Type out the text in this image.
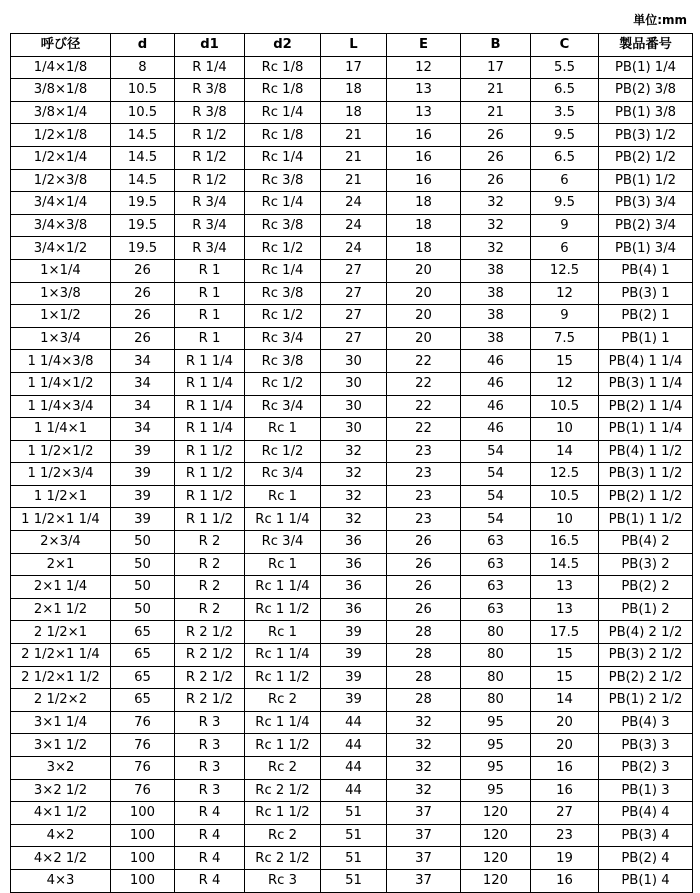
単位:mm
呼び径	d	d1	d2	L	E	B	C	製品番号
1/4×1/8	8	R 1/4	Rc 1/8	17	12	17	5.5	PB(1) 1/4
3/8×1/8	10.5	R 3/8	Rc 1/8	18	13	21	6.5	PB(2) 3/8
3/8×1/4	10.5	R 3/8	Rc 1/4	18	13	21	3.5	PB(1) 3/8
1/2×1/8	14.5	R 1/2	Rc 1/8	21	16	26	9.5	PB(3) 1/2
1/2×1/4	14.5	R 1/2	Rc 1/4	21	16	26	6.5	PB(2) 1/2
1/2×3/8	14.5	R 1/2	Rc 3/8	21	16	26	6	PB(1) 1/2
3/4×1/4	19.5	R 3/4	Rc 1/4	24	18	32	9.5	PB(3) 3/4
3/4×3/8	19.5	R 3/4	Rc 3/8	24	18	32	9	PB(2) 3/4
3/4×1/2	19.5	R 3/4	Rc 1/2	24	18	32	6	PB(1) 3/4
1×1/4	26	R 1	Rc 1/4	27	20	38	12.5	PB(4) 1
1×3/8	26	R 1	Rc 3/8	27	20	38	12	PB(3) 1
1×1/2	26	R 1	Rc 1/2	27	20	38	9	PB(2) 1
1×3/4	26	R 1	Rc 3/4	27	20	38	7.5	PB(1) 1
1 1/4×3/8	34	R 1 1/4	Rc 3/8	30	22	46	15	PB(4) 1 1/4
1 1/4×1/2	34	R 1 1/4	Rc 1/2	30	22	46	12	PB(3) 1 1/4
1 1/4×3/4	34	R 1 1/4	Rc 3/4	30	22	46	10.5	PB(2) 1 1/4
1 1/4×1	34	R 1 1/4	Rc 1	30	22	46	10	PB(1) 1 1/4
1 1/2×1/2	39	R 1 1/2	Rc 1/2	32	23	54	14	PB(4) 1 1/2
1 1/2×3/4	39	R 1 1/2	Rc 3/4	32	23	54	12.5	PB(3) 1 1/2
1 1/2×1	39	R 1 1/2	Rc 1	32	23	54	10.5	PB(2) 1 1/2
1 1/2×1 1/4	39	R 1 1/2	Rc 1 1/4	32	23	54	10	PB(1) 1 1/2
2×3/4	50	R 2	Rc 3/4	36	26	63	16.5	PB(4) 2
2×1	50	R 2	Rc 1	36	26	63	14.5	PB(3) 2
2×1 1/4	50	R 2	Rc 1 1/4	36	26	63	13	PB(2) 2
2×1 1/2	50	R 2	Rc 1 1/2	36	26	63	13	PB(1) 2
2 1/2×1	65	R 2 1/2	Rc 1	39	28	80	17.5	PB(4) 2 1/2
2 1/2×1 1/4	65	R 2 1/2	Rc 1 1/4	39	28	80	15	PB(3) 2 1/2
2 1/2×1 1/2	65	R 2 1/2	Rc 1 1/2	39	28	80	15	PB(2) 2 1/2
2 1/2×2	65	R 2 1/2	Rc 2	39	28	80	14	PB(1) 2 1/2
3×1 1/4	76	R 3	Rc 1 1/4	44	32	95	20	PB(4) 3
3×1 1/2	76	R 3	Rc 1 1/2	44	32	95	20	PB(3) 3
3×2	76	R 3	Rc 2	44	32	95	16	PB(2) 3
3×2 1/2	76	R 3	Rc 2 1/2	44	32	95	16	PB(1) 3
4×1 1/2	100	R 4	Rc 1 1/2	51	37	120	27	PB(4) 4
4×2	100	R 4	Rc 2	51	37	120	23	PB(3) 4
4×2 1/2	100	R 4	Rc 2 1/2	51	37	120	19	PB(2) 4
4×3	100	R 4	Rc 3	51	37	120	16	PB(1) 4
